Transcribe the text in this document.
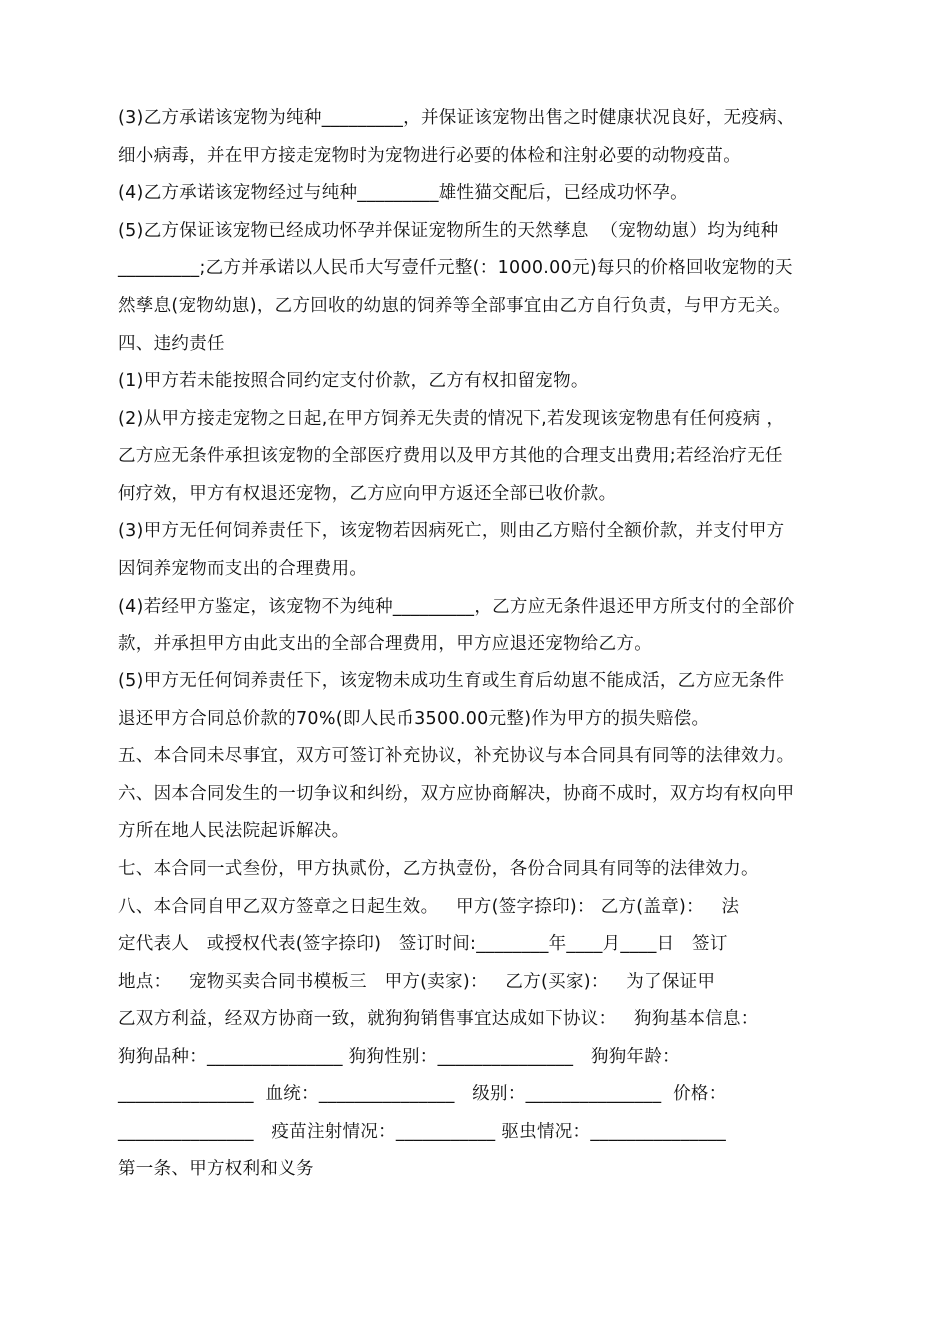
(3)乙方承诺该宠物为纯种_________，并保证该宠物出售之时健康状况良好，无疫病、
细小病毒，并在甲方接走宠物时为宠物进行必要的体检和注射必要的动物疫苗。
(4)乙方承诺该宠物经过与纯种_________雄性猫交配后，已经成功怀孕。
(5)乙方保证该宠物已经成功怀孕并保证宠物所生的天然孳息  （宠物幼崽）均为纯种
_________;乙方并承诺以人民币大写壹仟元整(：1000.00元)每只的价格回收宠物的天
然孳息(宠物幼崽)，乙方回收的幼崽的饲养等全部事宜由乙方自行负责，与甲方无关。
四、违约责任
(1)甲方若未能按照合同约定支付价款，乙方有权扣留宠物。
(2)从甲方接走宠物之日起,在甲方饲养无失责的情况下,若发现该宠物患有任何疫病 ，
乙方应无条件承担该宠物的全部医疗费用以及甲方其他的合理支出费用;若经治疗无任
何疗效，甲方有权退还宠物，乙方应向甲方返还全部已收价款。
(3)甲方无任何饲养责任下，该宠物若因病死亡，则由乙方赔付全额价款，并支付甲方
因饲养宠物而支出的合理费用。
(4)若经甲方鉴定，该宠物不为纯种_________，乙方应无条件退还甲方所支付的全部价
款，并承担甲方由此支出的全部合理费用，甲方应退还宠物给乙方。
(5)甲方无任何饲养责任下，该宠物未成功生育或生育后幼崽不能成活，乙方应无条件
退还甲方合同总价款的70%(即人民币3500.00元整)作为甲方的损失赔偿。
五、本合同未尽事宜，双方可签订补充协议，补充协议与本合同具有同等的法律效力。
六、因本合同发生的一切争议和纠纷，双方应协商解决，协商不成时，双方均有权向甲
方所在地人民法院起诉解决。
七、本合同一式叁份，甲方执贰份，乙方执壹份，各份合同具有同等的法律效力。
八、本合同自甲乙双方签章之日起生效。   甲方(签字捺印)： 乙方(盖章)：   法
定代表人   或授权代表(签字捺印)   签订时间:________年____月____日   签订
地点：   宠物买卖合同书模板三   甲方(卖家)：   乙方(买家)：   为了保证甲
乙双方利益，经双方协商一致，就狗狗销售事宜达成如下协议：   狗狗基本信息：
狗狗品种：_______________ 狗狗性别：_______________   狗狗年龄：
_______________  血统：_______________   级别：_______________  价格：
_______________   疫苗注射情况：___________ 驱虫情况：_______________
第一条、甲方权利和义务
